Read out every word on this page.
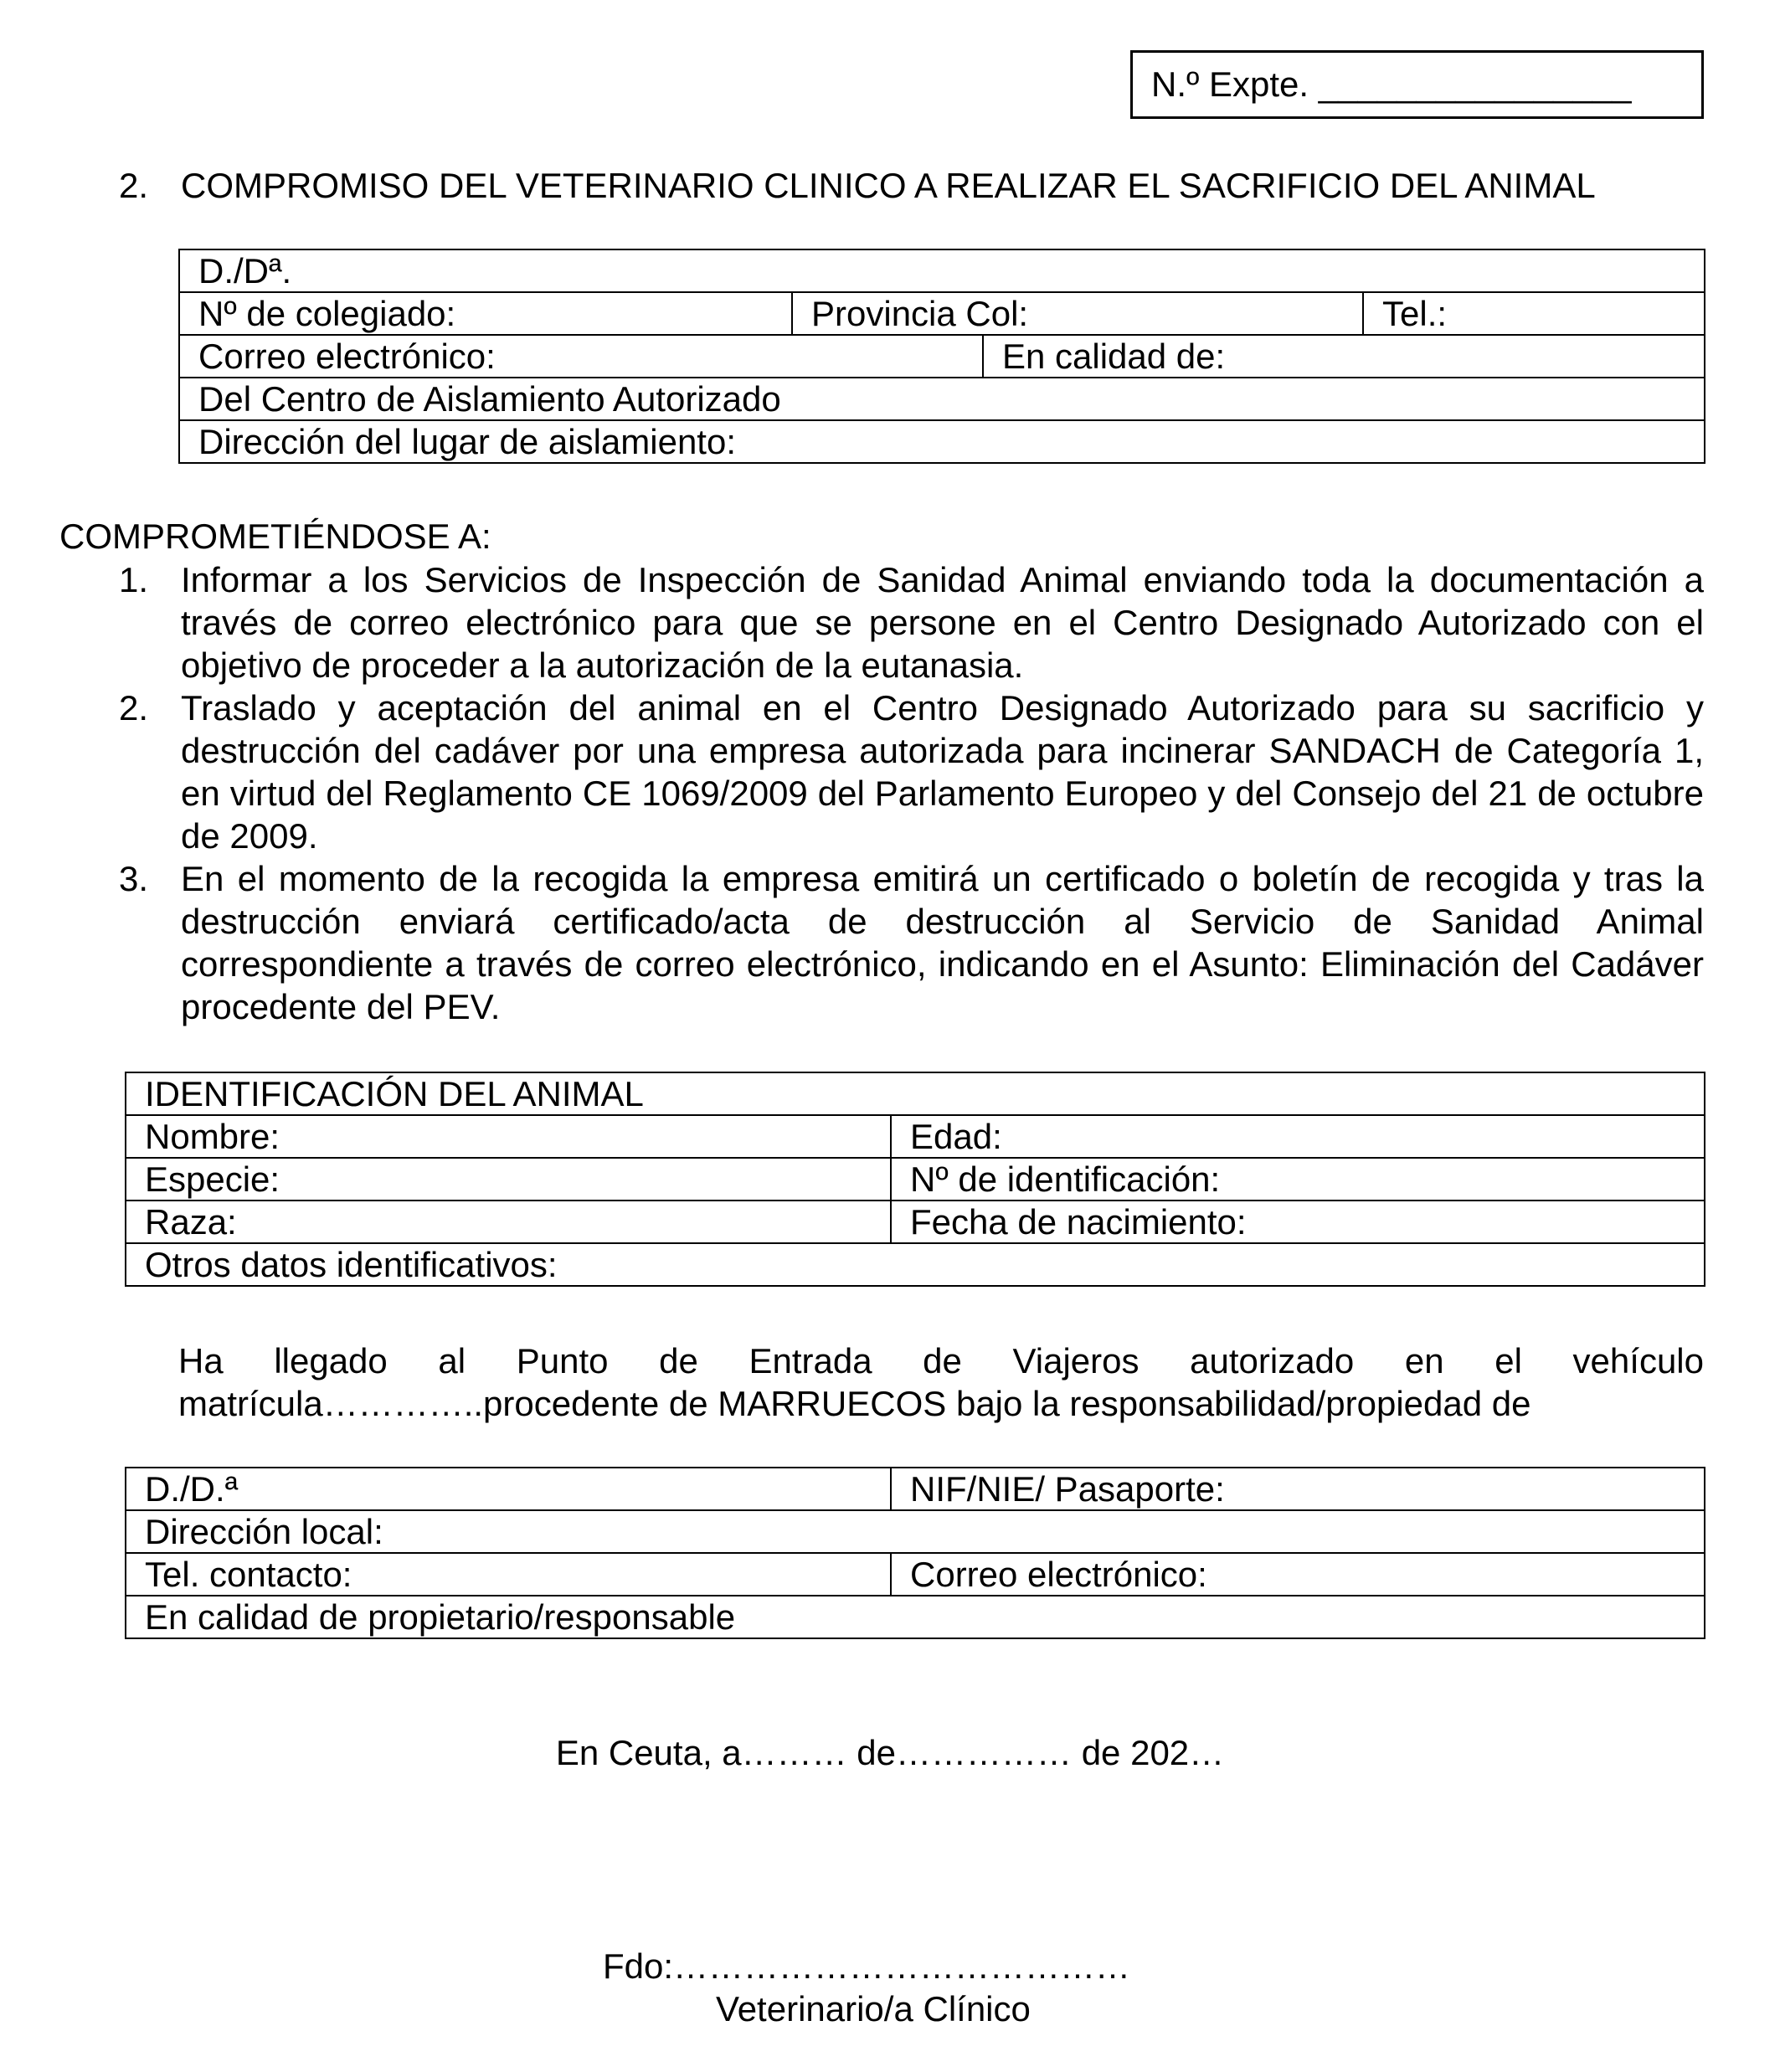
N.º Expte. ________________
2. COMPROMISO DEL VETERINARIO CLINICO A REALIZAR EL SACRIFICIO DEL ANIMAL
D./Dª.			
Nº de colegiado:	Provincia Col:		Tel.:
Correo electrónico:		En calidad de:	
Del Centro de Aislamiento Autorizado			
Dirección del lugar de aislamiento:			
COMPROMETIÉNDOSE A:
1. Informar a los Servicios de Inspección de Sanidad Animal enviando toda la documentación a través de correo electrónico para que se persone en el Centro Designado Autorizado con el objetivo de proceder a la autorización de la eutanasia.
2. Traslado y aceptación del animal en el Centro Designado Autorizado para su sacrificio y destrucción del cadáver por una empresa autorizada para incinerar SANDACH de Categoría 1, en virtud del Reglamento CE 1069/2009 del Parlamento Europeo y del Consejo del 21 de octubre de 2009.
3. En el momento de la recogida la empresa emitirá un certificado o boletín de recogida y tras la destrucción enviará certificado/acta de destrucción al Servicio de Sanidad Animal correspondiente a través de correo electrónico, indicando en el Asunto: Eliminación del Cadáver procedente del PEV.
IDENTIFICACIÓN DEL ANIMAL	
Nombre:	Edad:
Especie:	Nº de identificación:
Raza:	Fecha de nacimiento:
Otros datos identificativos:	
Ha llegado al Punto de Entrada de Viajeros autorizado en el vehículo
matrícula…………..procedente de MARRUECOS bajo la responsabilidad/propiedad de
D./D.ª	NIF/NIE/ Pasaporte:
Dirección local:	
Tel. contacto:	Correo electrónico:
En calidad de propietario/responsable	
En Ceuta, a……… de…………… de 202…
Fdo:…………………………………
Veterinario/a Clínico
